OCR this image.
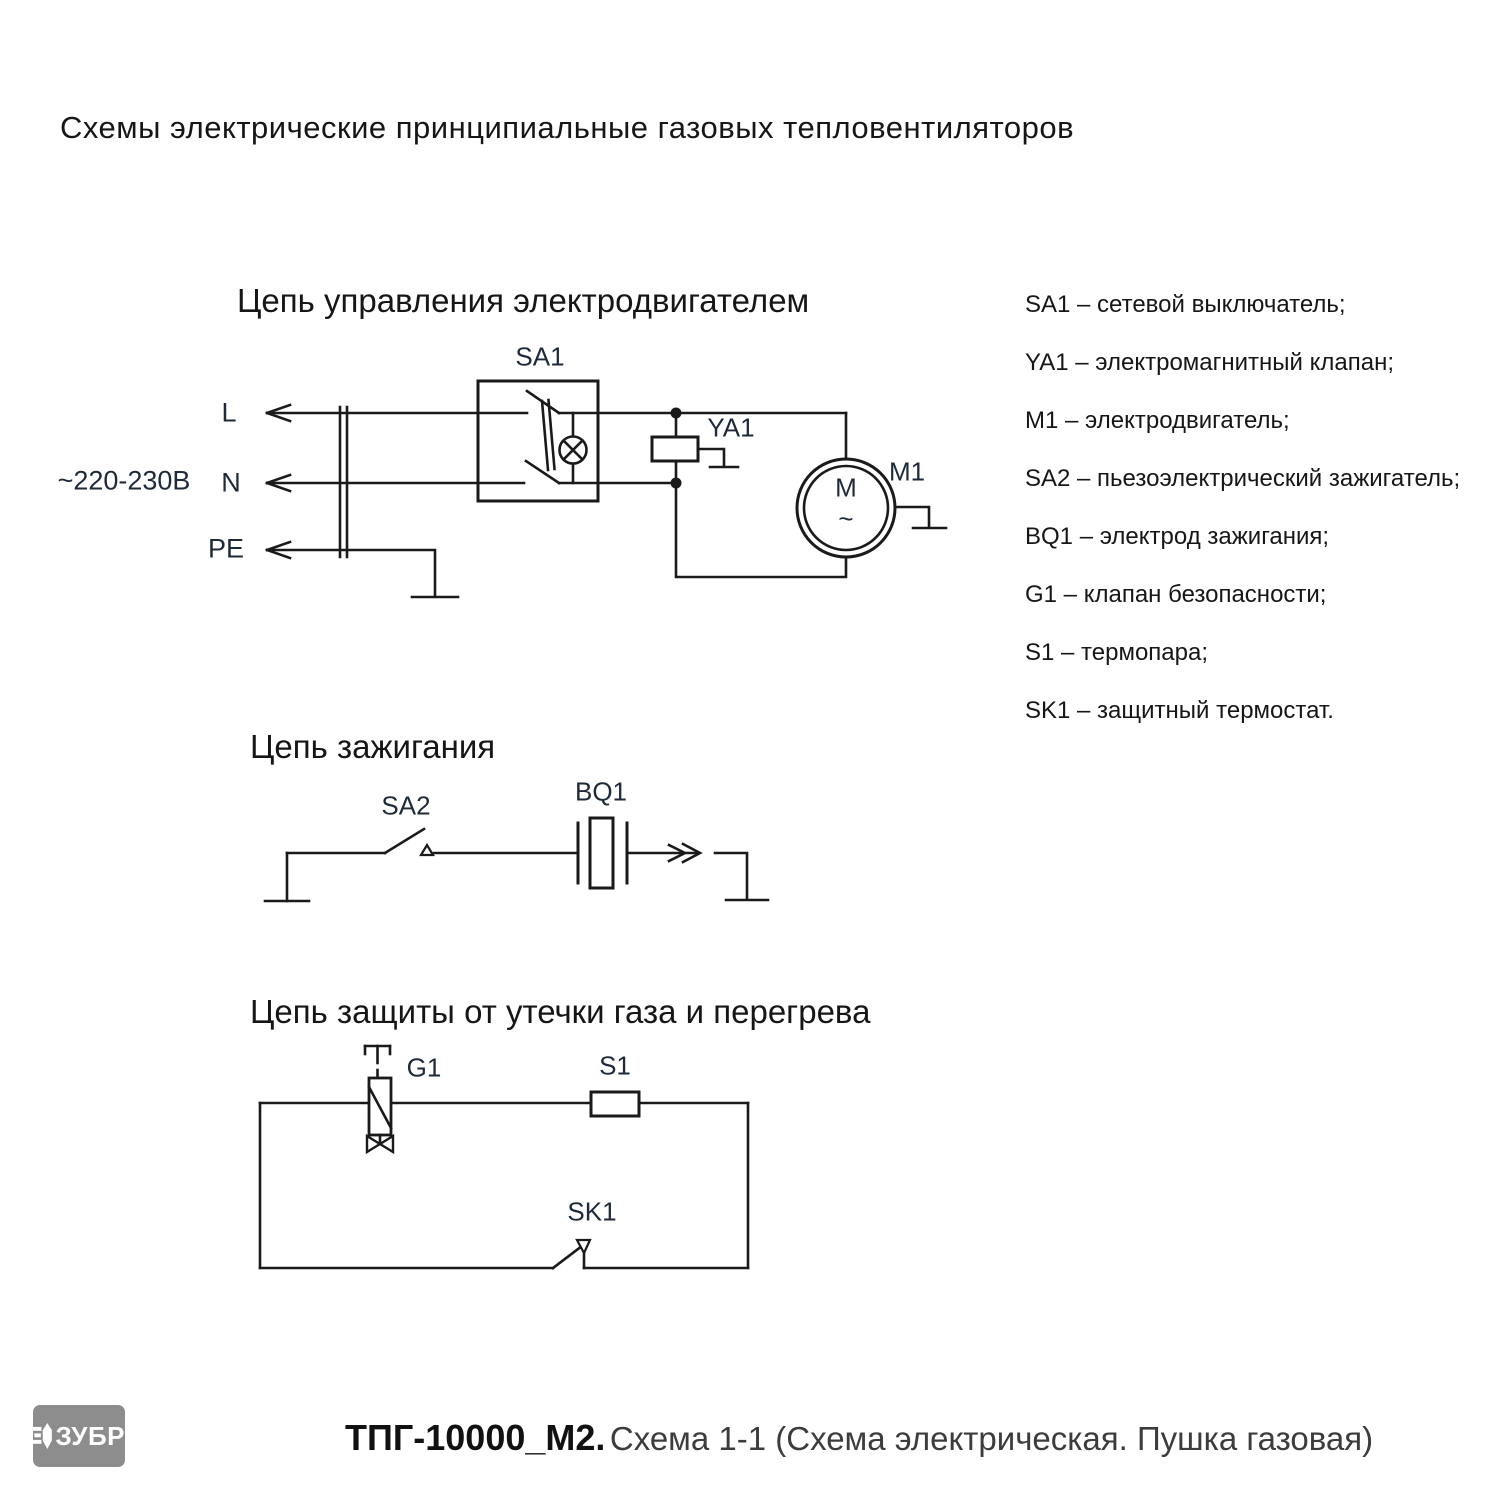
Схемы электрические принципиальные газовых тепловентиляторов
Цепь управления электродвигателем
~220-230В
L
N
PE
SA1
YA1
M1
M
~
Цепь зажигания
SA2	BQ1
Цепь защиты от утечки газа и перегрева
G1	S1
SK1
SA1 – сетевой выключатель;
YA1 – электромагнитный клапан;
M1 – электродвигатель;
SA2 – пьезоэлектрический зажигатель;
BQ1 – электрод зажигания;
G1 – клапан безопасности;
S1 – термопара;
SK1 – защитный термостат.
ЗУБР	ТПГ-10000_М2. Схема 1-1 (Схема электрическая. Пушка газовая)
